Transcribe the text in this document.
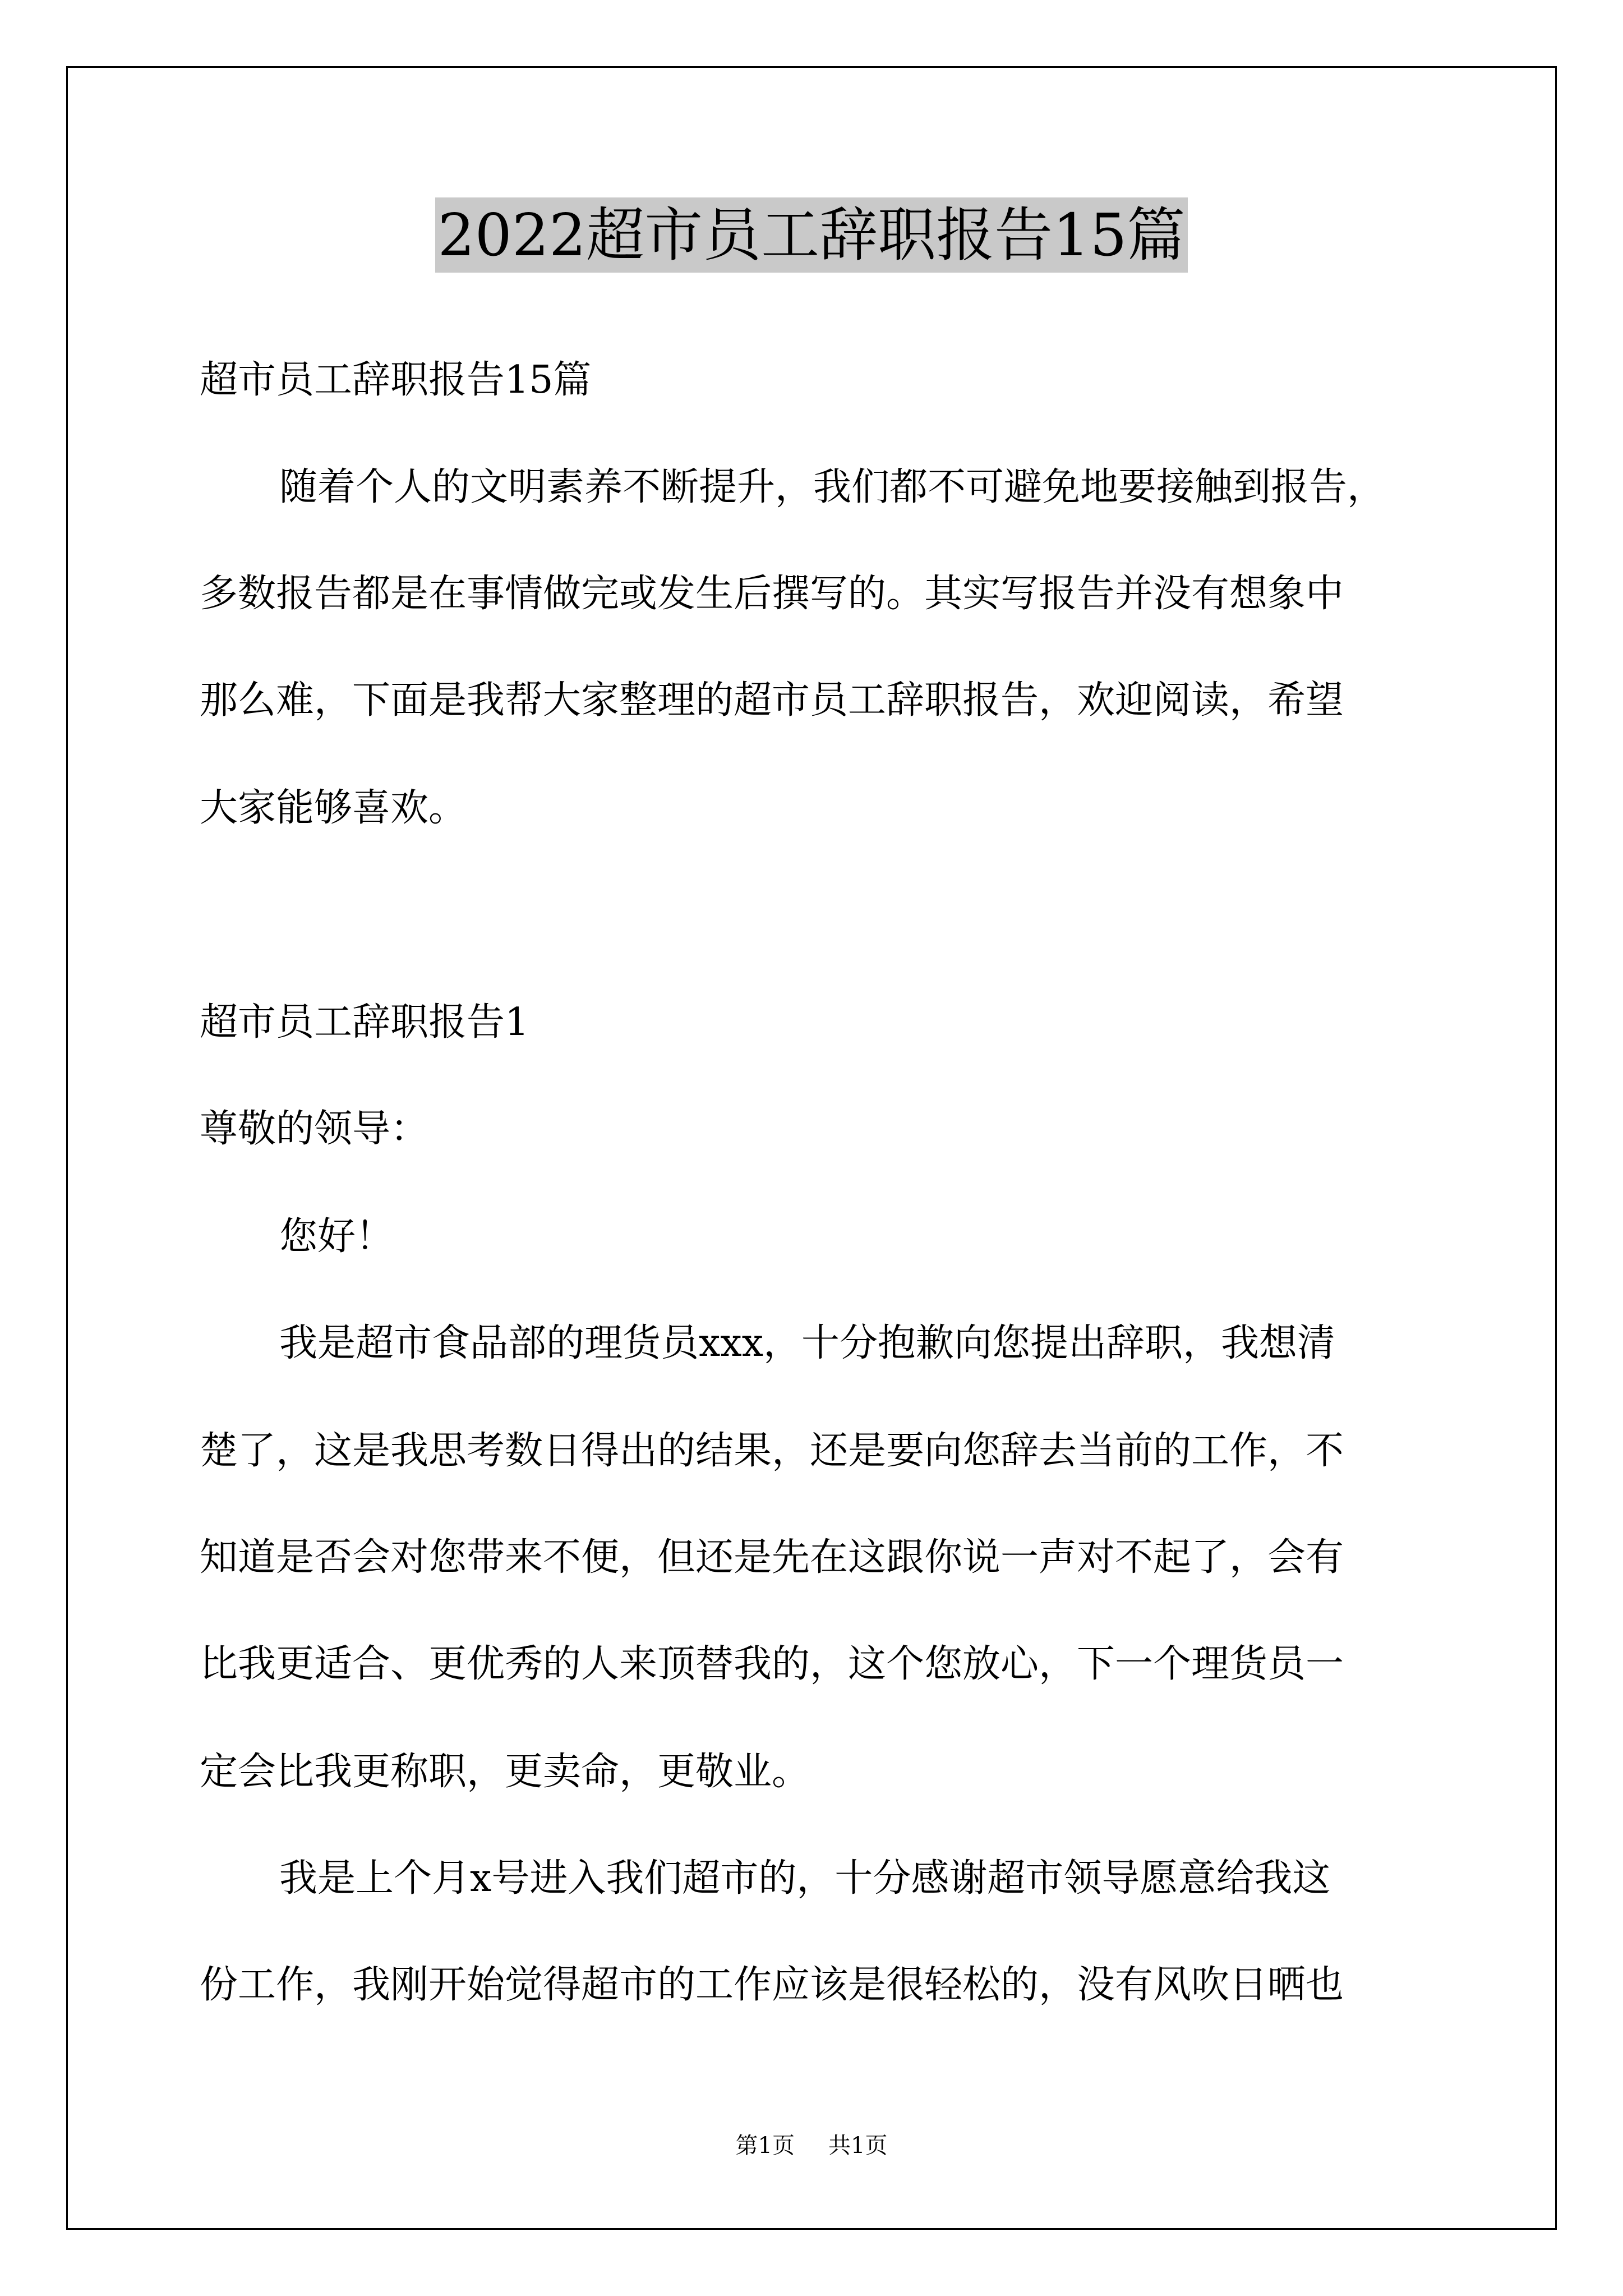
2022超市员工辞职报告15篇
超市员工辞职报告15篇
随着个人的文明素养不断提升，我们都不可避免地要接触到报告，
多数报告都是在事情做完或发生后撰写的。其实写报告并没有想象中
那么难，下面是我帮大家整理的超市员工辞职报告，欢迎阅读，希望
大家能够喜欢。
超市员工辞职报告1
尊敬的领导：
您好！
我是超市食品部的理货员xxx，十分抱歉向您提出辞职，我想清
楚了，这是我思考数日得出的结果，还是要向您辞去当前的工作，不
知道是否会对您带来不便，但还是先在这跟你说一声对不起了，会有
比我更适合、更优秀的人来顶替我的，这个您放心，下一个理货员一
定会比我更称职，更卖命，更敬业。
我是上个月x号进入我们超市的，十分感谢超市领导愿意给我这
份工作，我刚开始觉得超市的工作应该是很轻松的，没有风吹日晒也
第1页 共1页
